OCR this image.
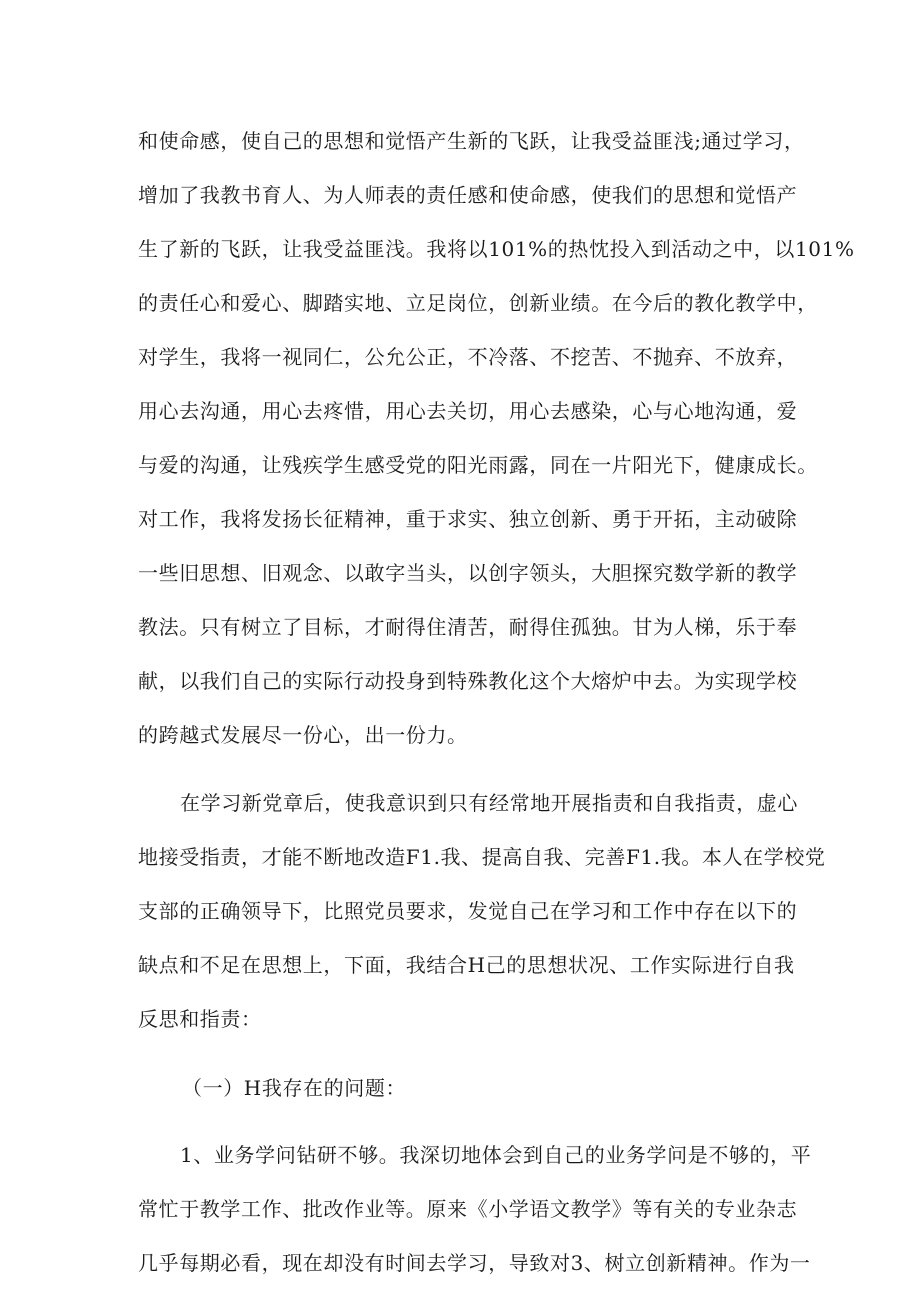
和使命感，使自己的思想和觉悟产生新的飞跃，让我受益匪浅;通过学习，
增加了我教书育人、为人师表的责任感和使命感，使我们的思想和觉悟产
生了新的飞跃，让我受益匪浅。我将以101%的热忱投入到活动之中，以101%
的责任心和爱心、脚踏实地、立足岗位，创新业绩。在今后的教化教学中，
对学生，我将一视同仁，公允公正，不冷落、不挖苦、不抛弃、不放弃，
用心去沟通，用心去疼惜，用心去关切，用心去感染，心与心地沟通，爱
与爱的沟通，让残疾学生感受党的阳光雨露，同在一片阳光下，健康成长。
对工作，我将发扬长征精神，重于求实、独立创新、勇于开拓，主动破除
一些旧思想、旧观念、以敢字当头，以创字领头，大胆探究数学新的教学
教法。只有树立了目标，才耐得住清苦，耐得住孤独。甘为人梯，乐于奉
献，以我们自己的实际行动投身到特殊教化这个大熔炉中去。为实现学校
的跨越式发展尽一份心，出一份力。
在学习新党章后，使我意识到只有经常地开展指责和自我指责，虚心
地接受指责，才能不断地改造F1.我、提高自我、完善F1.我。本人在学校党
支部的正确领导下，比照党员要求，发觉自己在学习和工作中存在以下的
缺点和不足在思想上，下面，我结合H己的思想状况、工作实际进行自我
反思和指责：
（一）H我存在的问题：
1、业务学问钻研不够。我深切地体会到自己的业务学问是不够的，平
常忙于教学工作、批改作业等。原来《小学语文教学》等有关的专业杂志
几乎每期必看，现在却没有时间去学习，导致对3、树立创新精神。作为一
